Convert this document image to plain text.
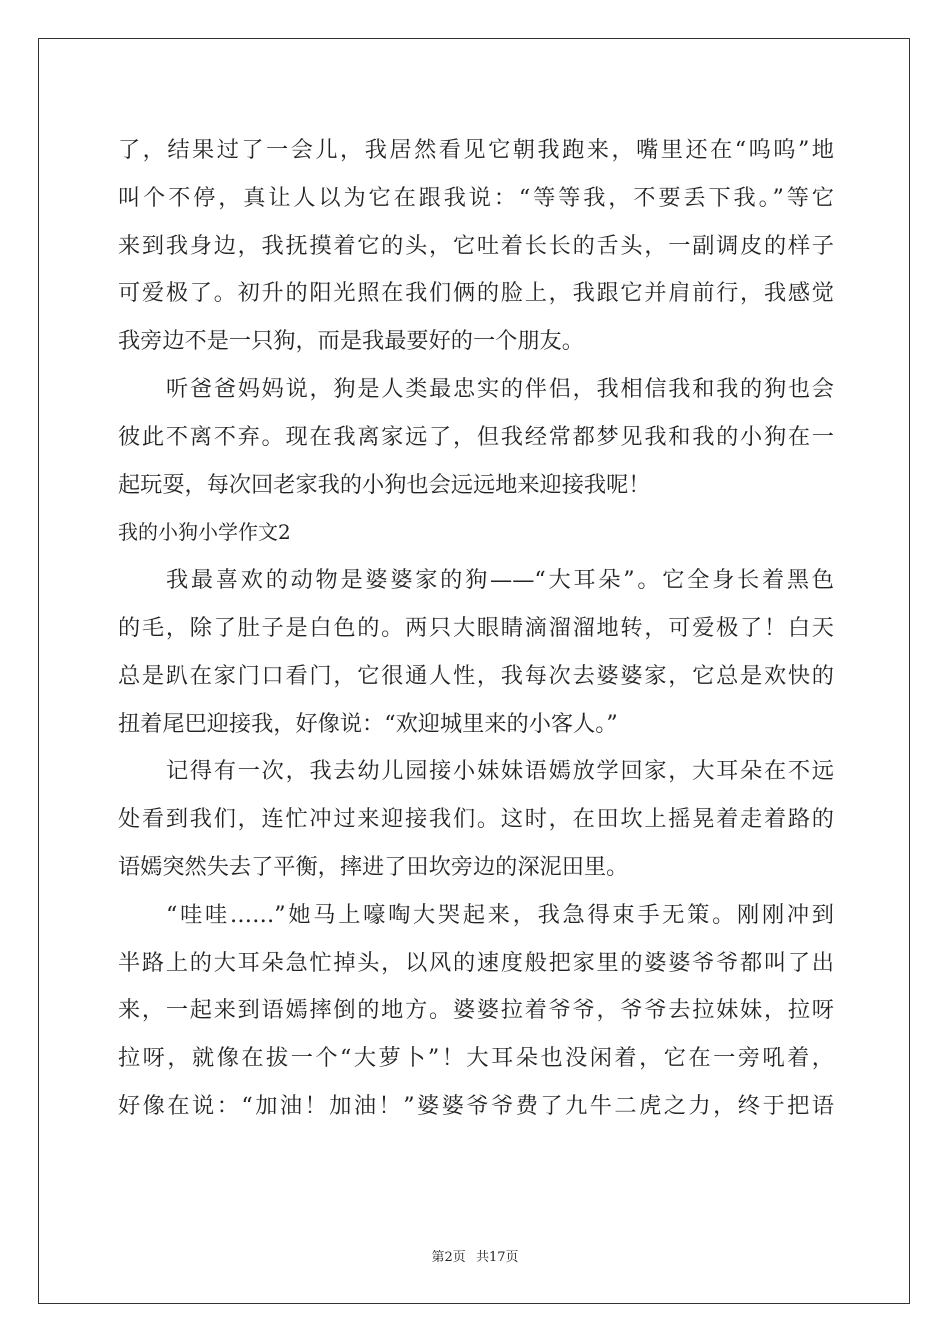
了，结果过了一会儿，我居然看见它朝我跑来，嘴里还在“呜呜”地
叫个不停，真让人以为它在跟我说：“等等我，不要丢下我。”等它
来到我身边，我抚摸着它的头，它吐着长长的舌头，一副调皮的样子
可爱极了。初升的阳光照在我们俩的脸上，我跟它并肩前行，我感觉
我旁边不是一只狗，而是我最要好的一个朋友。
听爸爸妈妈说，狗是人类最忠实的伴侣，我相信我和我的狗也会
彼此不离不弃。现在我离家远了，但我经常都梦见我和我的小狗在一
起玩耍，每次回老家我的小狗也会远远地来迎接我呢！
我的小狗小学作文2
我最喜欢的动物是婆婆家的狗——“大耳朵”。它全身长着黑色
的毛，除了肚子是白色的。两只大眼睛滴溜溜地转，可爱极了！白天
总是趴在家门口看门，它很通人性，我每次去婆婆家，它总是欢快的
扭着尾巴迎接我，好像说：“欢迎城里来的小客人。”
记得有一次，我去幼儿园接小妹妹语嫣放学回家，大耳朵在不远
处看到我们，连忙冲过来迎接我们。这时，在田坎上摇晃着走着路的
语嫣突然失去了平衡，摔进了田坎旁边的深泥田里。
“哇哇……”她马上嚎啕大哭起来，我急得束手无策。刚刚冲到
半路上的大耳朵急忙掉头，以风的速度般把家里的婆婆爷爷都叫了出
来，一起来到语嫣摔倒的地方。婆婆拉着爷爷，爷爷去拉妹妹，拉呀
拉呀，就像在拔一个“大萝卜”！大耳朵也没闲着，它在一旁吼着，
好像在说：“加油！加油！”婆婆爷爷费了九牛二虎之力，终于把语
第2页 共17页
